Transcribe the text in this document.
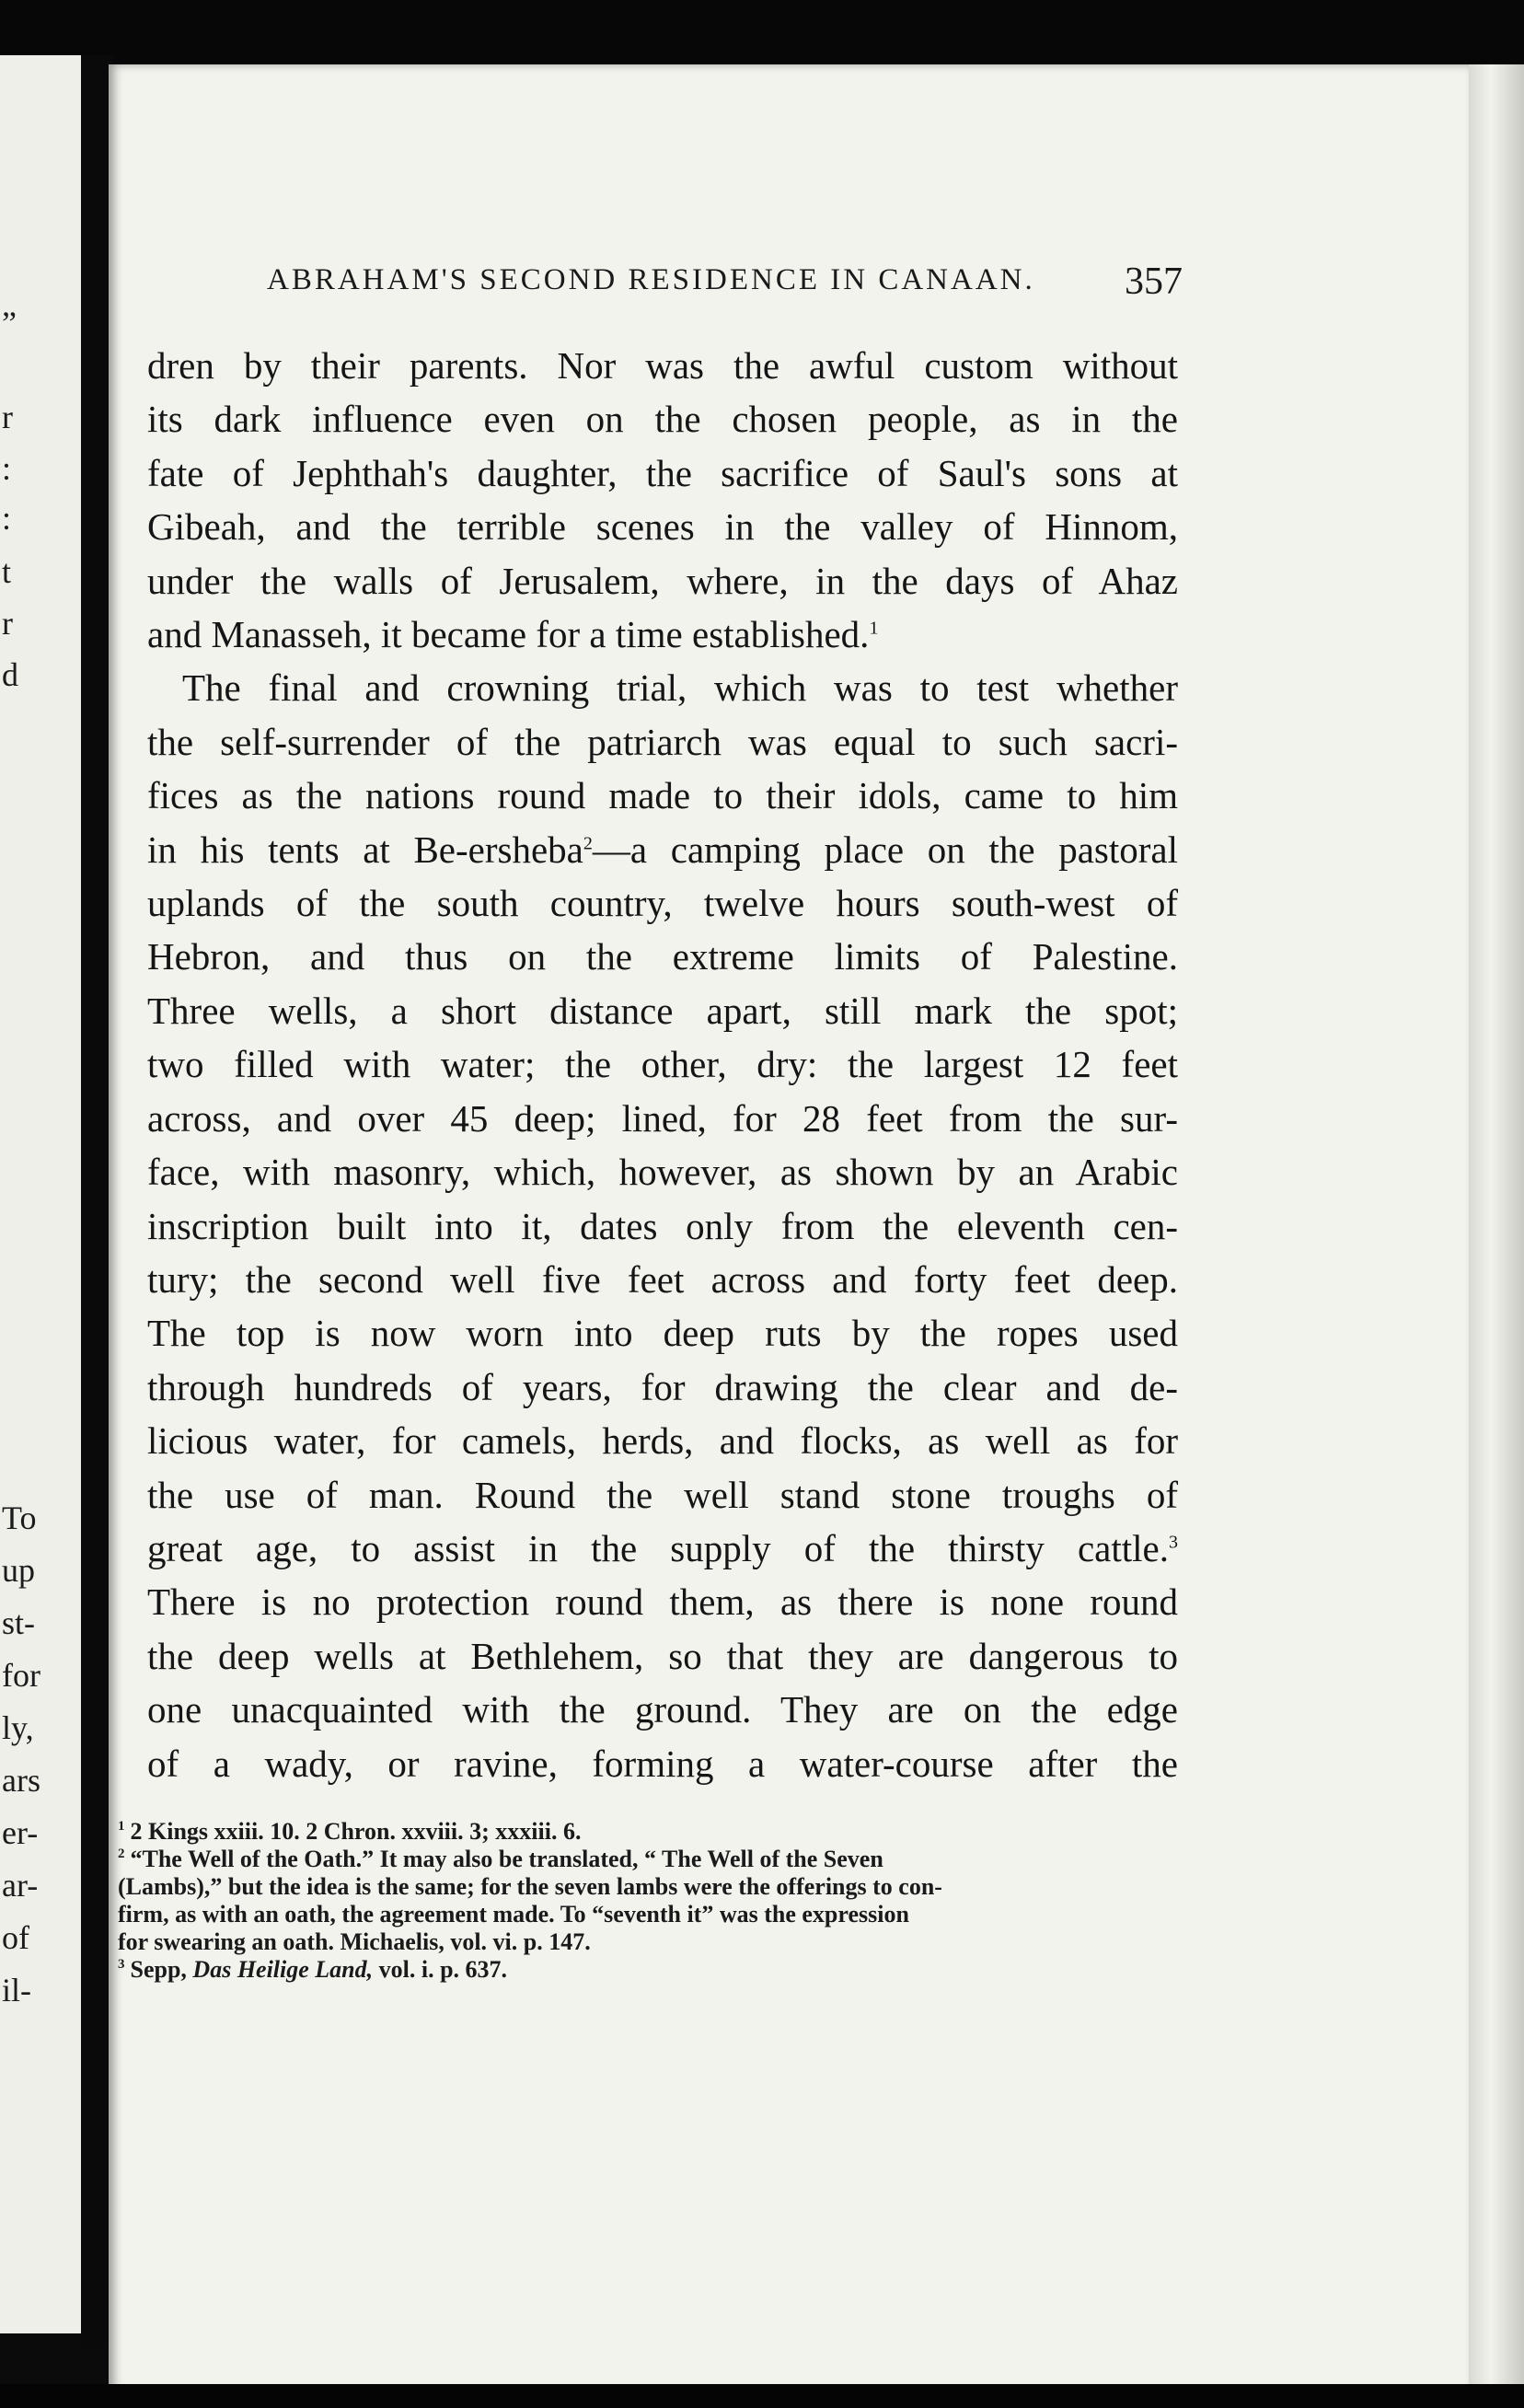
”
r
:
:
t
r
d
To
up
st-
for
ly,
ars
er-
ar-
of
il-
ABRAHAM'S SECOND RESIDENCE IN CANAAN.	357
dren by their parents. Nor was the awful custom without
its dark influence even on the chosen people, as in the
fate of Jephthah's daughter, the sacrifice of Saul's sons at
Gibeah, and the terrible scenes in the valley of Hinnom,
under the walls of Jerusalem, where, in the days of Ahaz
and Manasseh, it became for a time established.$^1$
The final and crowning trial, which was to test whether
the self-surrender of the patriarch was equal to such sacri-
fices as the nations round made to their idols, came to him
in his tents at Be-ersheba$^2$—a camping place on the pastoral
uplands of the south country, twelve hours south-west of
Hebron, and thus on the extreme limits of Palestine.
Three wells, a short distance apart, still mark the spot;
two filled with water; the other, dry: the largest 12 feet
across, and over 45 deep; lined, for 28 feet from the sur-
face, with masonry, which, however, as shown by an Arabic
inscription built into it, dates only from the eleventh cen-
tury; the second well five feet across and forty feet deep.
The top is now worn into deep ruts by the ropes used
through hundreds of years, for drawing the clear and de-
licious water, for camels, herds, and flocks, as well as for
the use of man. Round the well stand stone troughs of
great age, to assist in the supply of the thirsty cattle.$^3$
There is no protection round them, as there is none round
the deep wells at Bethlehem, so that they are dangerous to
one unacquainted with the ground. They are on the edge
of a wady, or ravine, forming a water-course after the
$^1$ 2 Kings xxiii. 10. 2 Chron. xxviii. 3; xxxiii. 6.
$^2$ “The Well of the Oath.” It may also be translated, “ The Well of the Seven
(Lambs),” but the idea is the same; for the seven lambs were the offerings to con-
firm, as with an oath, the agreement made. To “seventh it” was the expression
for swearing an oath. Michaelis, vol. vi. p. 147.
$^3$ Sepp, Das Heilige Land, vol. i. p. 637.
